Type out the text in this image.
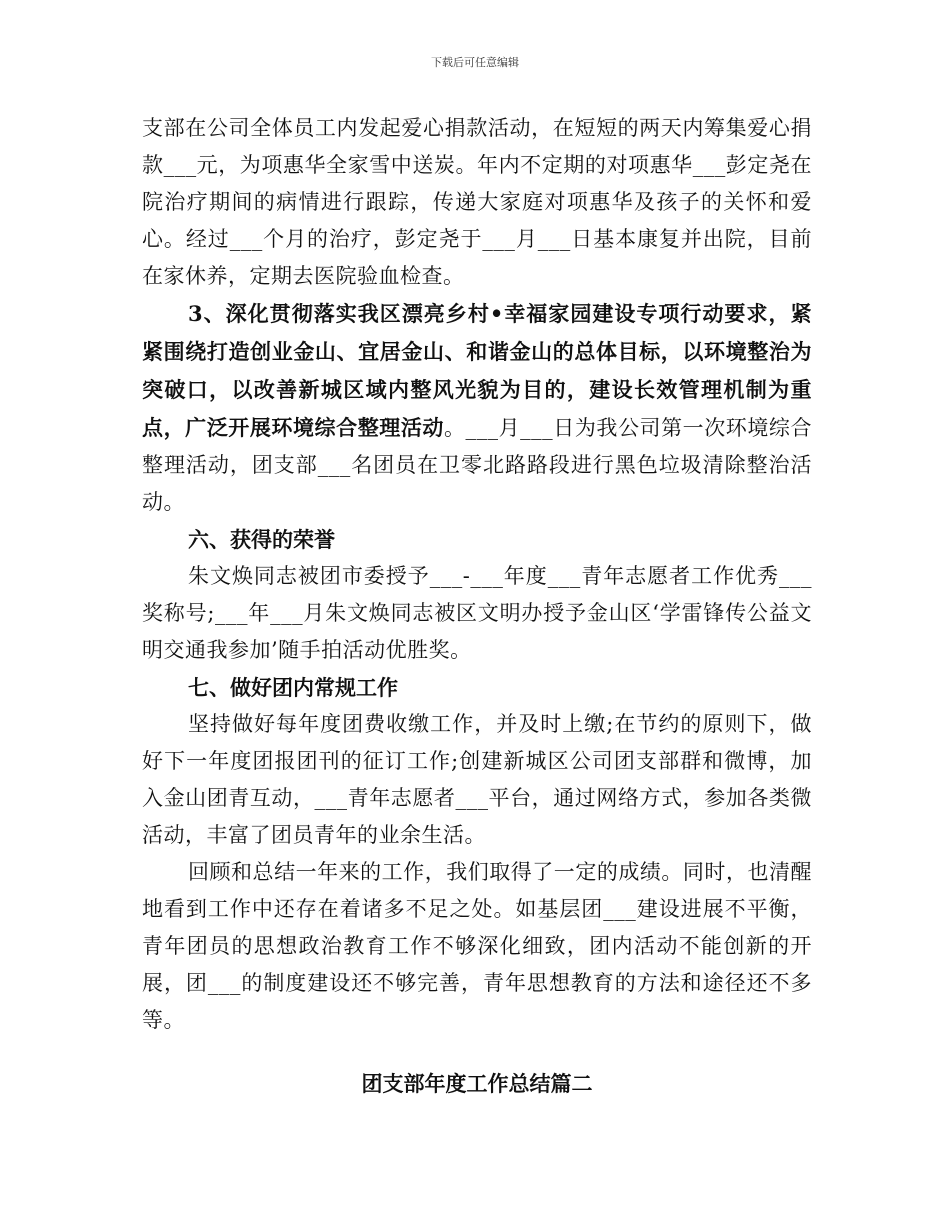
下载后可任意编辑

支部在公司全体员工内发起爱心捐款活动，在短短的两天内筹集爱心捐款___元，为项惠华全家雪中送炭。年内不定期的对项惠华___彭定尧在院治疗期间的病情进行跟踪，传递大家庭对项惠华及孩子的关怀和爱心。经过___个月的治疗，彭定尧于___月___日基本康复并出院，目前在家休养，定期去医院验血检查。

3、深化贯彻落实我区漂亮乡村•幸福家园建设专项行动要求，紧紧围绕打造创业金山、宜居金山、和谐金山的总体目标，以环境整治为突破口，以改善新城区域内整风光貌为目的，建设长效管理机制为重点，广泛开展环境综合整理活动。___月___日为我公司第一次环境综合整理活动，团支部___名团员在卫零北路路段进行黑色垃圾清除整治活动。

六、获得的荣誉

朱文焕同志被团市委授予___-___年度___青年志愿者工作优秀___奖称号;___年___月朱文焕同志被区文明办授予金山区‘学雷锋传公益文明交通我参加’随手拍活动优胜奖。

七、做好团内常规工作

坚持做好每年度团费收缴工作，并及时上缴;在节约的原则下，做好下一年度团报团刊的征订工作;创建新城区公司团支部群和微博，加入金山团青互动，___青年志愿者___平台，通过网络方式，参加各类微活动，丰富了团员青年的业余生活。

回顾和总结一年来的工作，我们取得了一定的成绩。同时，也清醒地看到工作中还存在着诸多不足之处。如基层团___建设进展不平衡，青年团员的思想政治教育工作不够深化细致，团内活动不能创新的开展，团___的制度建设还不够完善，青年思想教育的方法和途径还不多等。

团支部年度工作总结篇二
